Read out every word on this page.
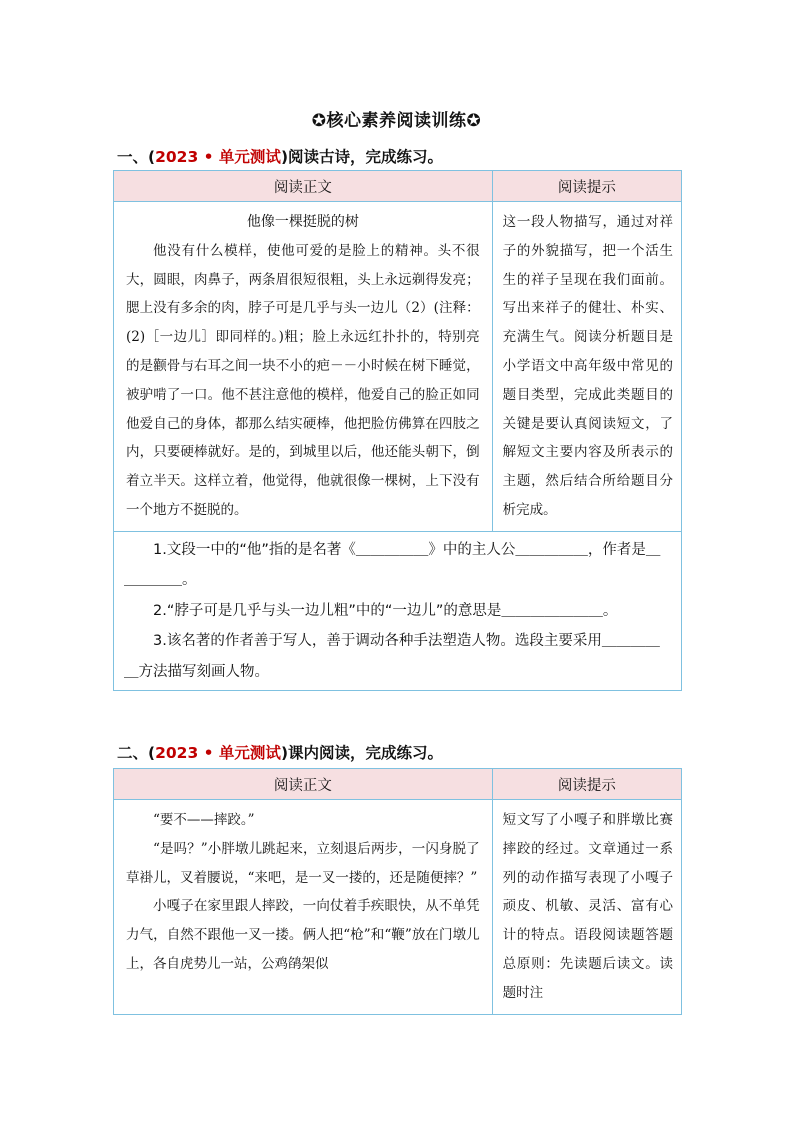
✪核心素养阅读训练✪
一、(2023 • 单元测试)阅读古诗，完成练习。
阅读正文	阅读提示

他像一棵挺脱的树

他没有什么模样，使他可爱的是脸上的精神。头不很大，圆眼，肉鼻子，两条眉很短很粗，头上永远剃得发亮；腮上没有多余的肉，脖子可是几乎与头一边儿（2）(注释：(2)［一边儿］即同样的。)粗；脸上永远红扑扑的，特别亮的是颧骨与右耳之间一块不小的疤－－小时候在树下睡觉，被驴啃了一口。他不甚注意他的模样，他爱自己的脸正如同他爱自己的身体，都那么结实硬棒，他把脸仿佛算在四肢之内，只要硬棒就好。是的，到城里以后，他还能头朝下，倒着立半天。这样立着，他觉得，他就很像一棵树，上下没有一个地方不挺脱的。	这一段人物描写，通过对祥子的外貌描写，把一个活生生的祥子呈现在我们面前。写出来祥子的健壮、朴实、充满生气。阅读分析题目是小学语文中高年级中常见的题目类型，完成此类题目的关键是要认真阅读短文，了解短文主要内容及所表示的主题，然后结合所给题目分析完成。

1.文段一中的“他”指的是名著《＿＿＿＿＿》中的主人公＿＿＿＿＿，作者是＿＿＿＿＿。

2.“脖子可是几乎与头一边儿粗”中的“一边儿”的意思是＿＿＿＿＿＿＿。

3.该名著的作者善于写人，善于调动各种手法塑造人物。选段主要采用＿＿＿＿＿方法描写刻画人物。	

二、(2023 • 单元测试)课内阅读，完成练习。
阅读正文	阅读提示

“要不——摔跤。”

“是吗？”小胖墩儿跳起来，立刻退后两步，一闪身脱了草褂儿，叉着腰说，“来吧，是一叉一搂的，还是随便摔？”

小嘎子在家里跟人摔跤，一向仗着手疾眼快，从不单凭力气，自然不跟他一叉一搂。俩人把“枪”和“鞭”放在门墩儿上，各自虎势儿一站，公鸡鹐架似	短文写了小嘎子和胖墩比赛摔跤的经过。文章通过一系列的动作描写表现了小嘎子顽皮、机敏、灵活、富有心计的特点。语段阅读题答题总原则：先读题后读文。读题时注
